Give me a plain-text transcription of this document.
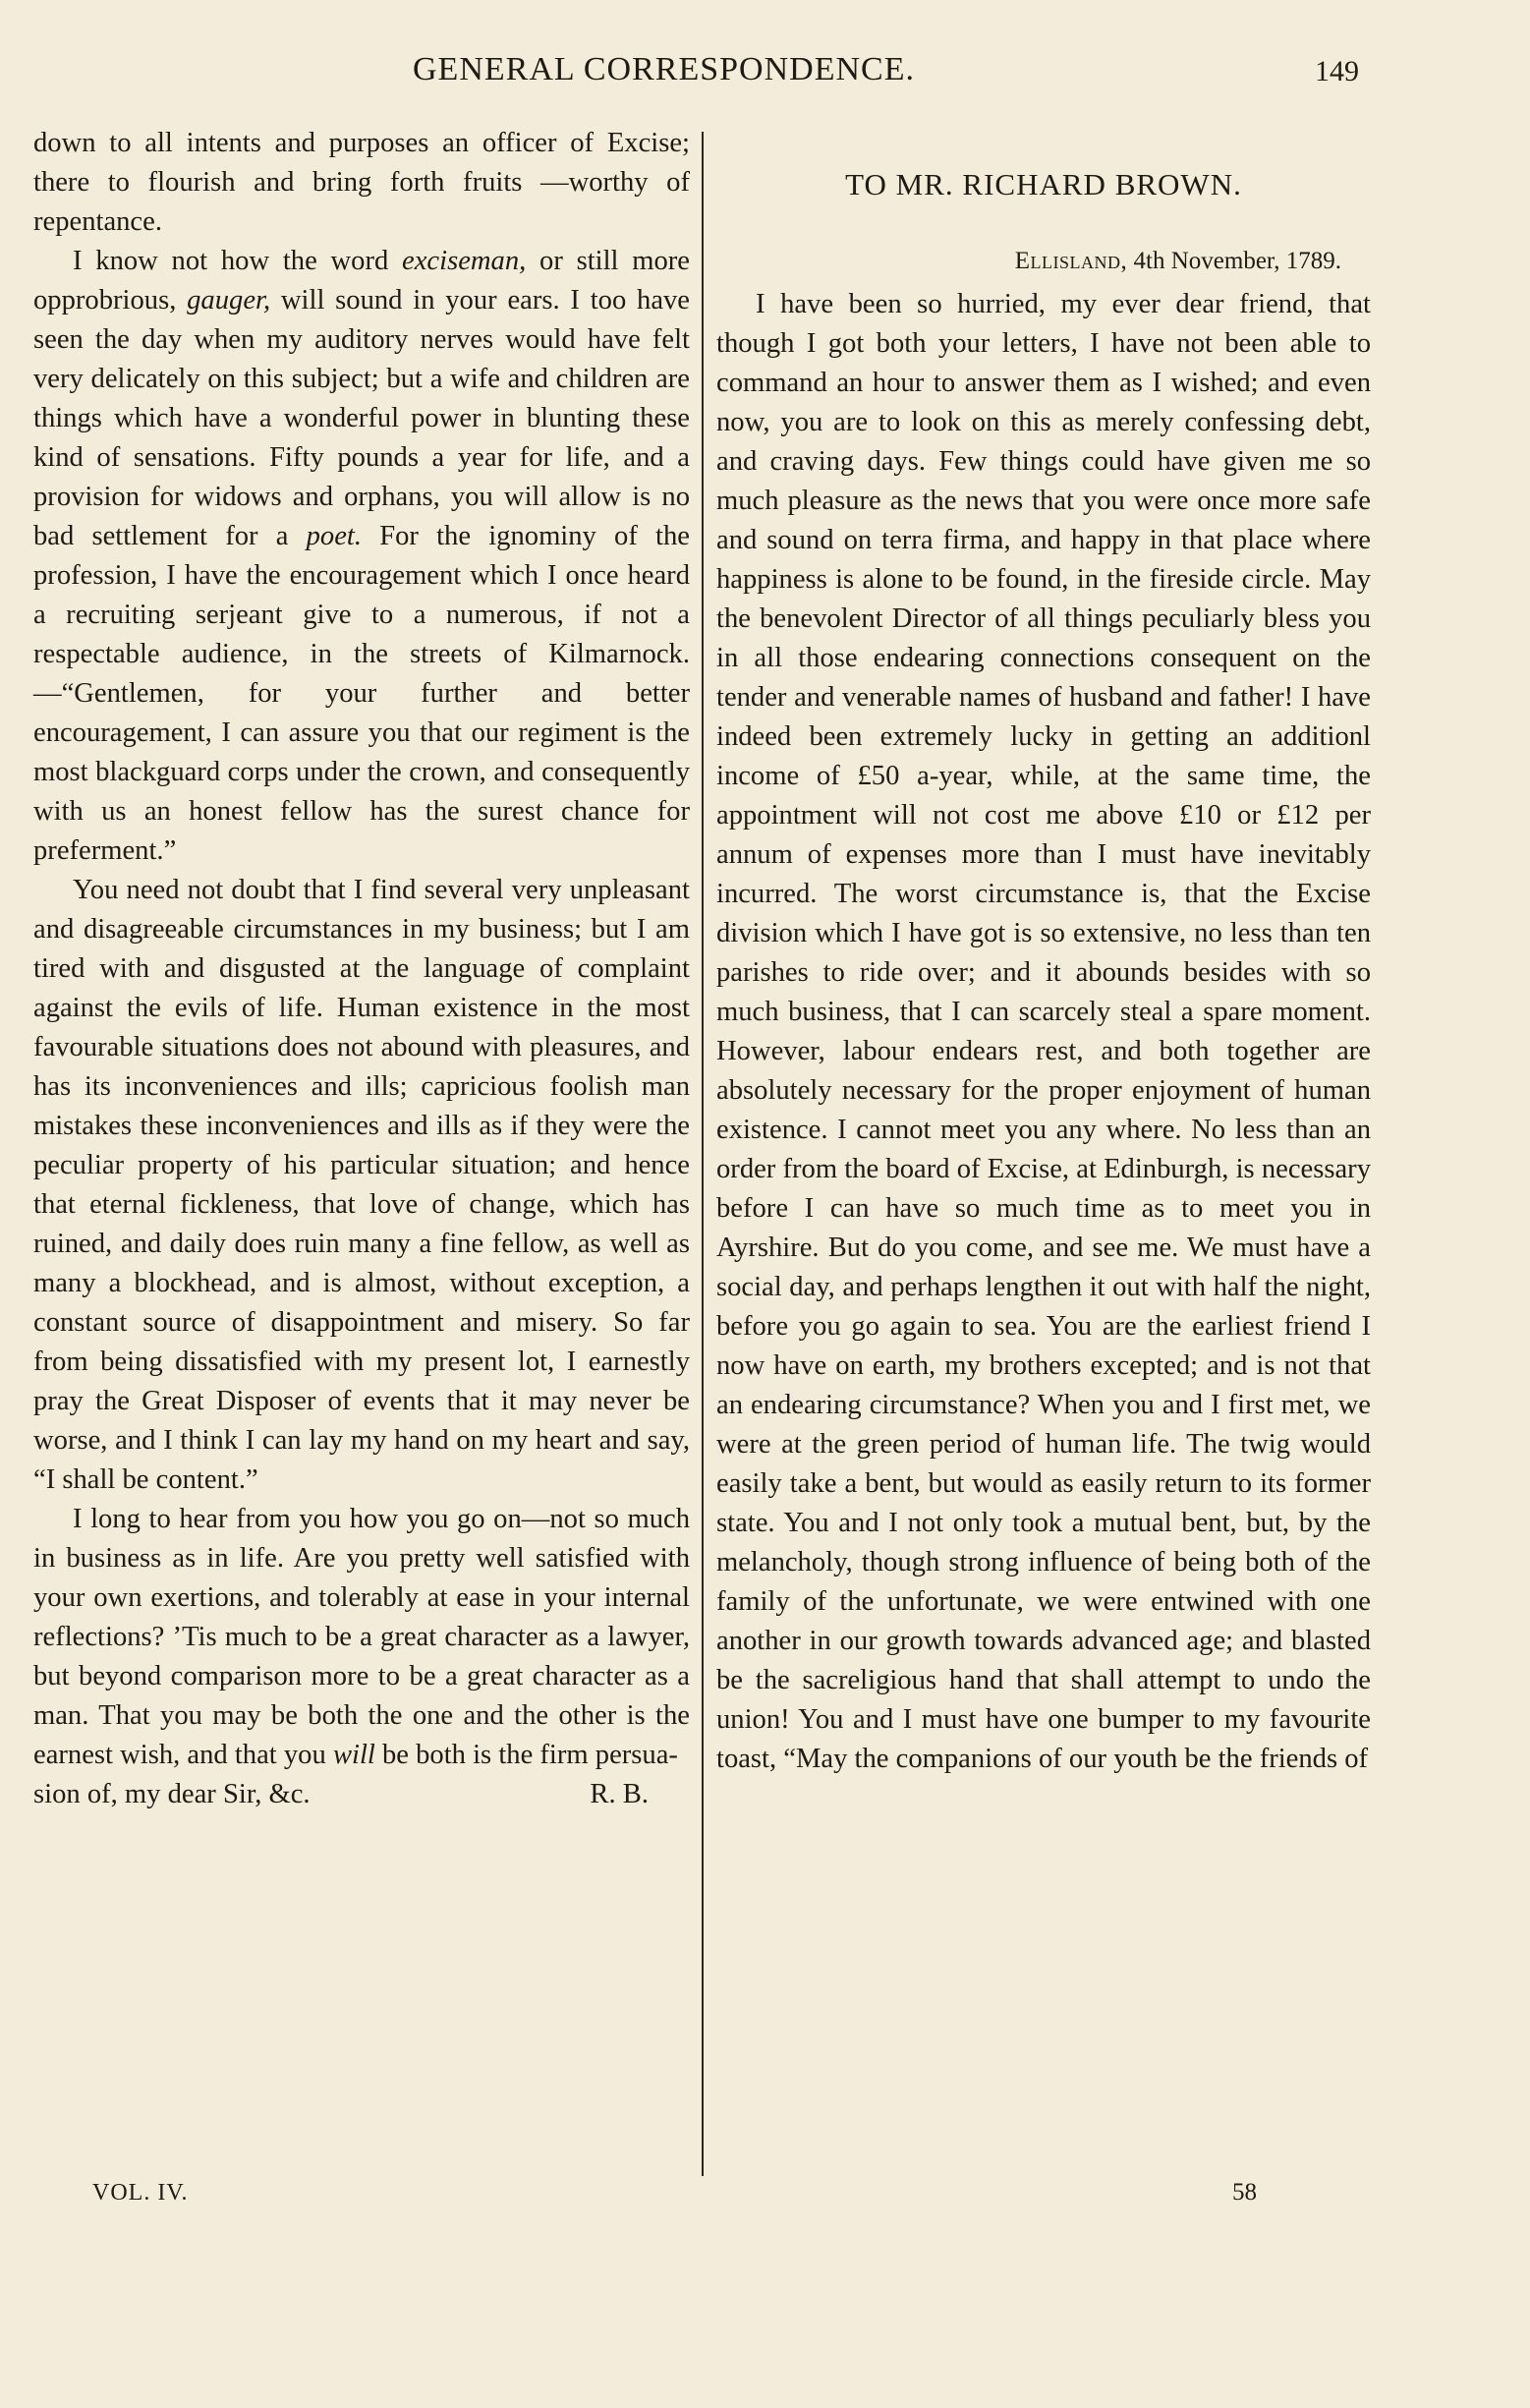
GENERAL CORRESPONDENCE.	149

down to all intents and purposes an officer of Excise; there to flourish and bring forth fruits —worthy of repentance.

I know not how the word exciseman, or still more opprobrious, gauger, will sound in your ears. I too have seen the day when my auditory nerves would have felt very delicately on this subject; but a wife and children are things which have a wonderful power in blunting these kind of sensations. Fifty pounds a year for life, and a provision for widows and orphans, you will allow is no bad settlement for a poet. For the ignominy of the profession, I have the encouragement which I once heard a recruiting serjeant give to a numerous, if not a respectable audience, in the streets of Kilmarnock.—“Gentlemen, for your further and better encouragement, I can assure you that our regiment is the most blackguard corps under the crown, and consequently with us an honest fellow has the surest chance for preferment.”

You need not doubt that I find several very unpleasant and disagreeable circumstances in my business; but I am tired with and disgusted at the language of complaint against the evils of life. Human existence in the most favourable situations does not abound with pleasures, and has its inconveniences and ills; capricious foolish man mistakes these inconveniences and ills as if they were the peculiar property of his particular situation; and hence that eternal fickleness, that love of change, which has ruined, and daily does ruin many a fine fellow, as well as many a blockhead, and is almost, without exception, a constant source of disappointment and misery. So far from being dissatisfied with my present lot, I earnestly pray the Great Disposer of events that it may never be worse, and I think I can lay my hand on my heart and say, “I shall be content.”

I long to hear from you how you go on—not so much in business as in life. Are you pretty well satisfied with your own exertions, and tolerably at ease in your internal reflections? ’Tis much to be a great character as a lawyer, but beyond comparison more to be a great character as a man. That you may be both the one and the other is the earnest wish, and that you will be both is the firm persua-

sion of, my dear Sir, &c.	R. B.

TO MR. RICHARD BROWN.

Ellisland, 4th November, 1789.

I have been so hurried, my ever dear friend, that though I got both your letters, I have not been able to command an hour to answer them as I wished; and even now, you are to look on this as merely confessing debt, and craving days. Few things could have given me so much pleasure as the news that you were once more safe and sound on terra firma, and happy in that place where happiness is alone to be found, in the fireside circle. May the benevolent Director of all things peculiarly bless you in all those endearing connections consequent on the tender and venerable names of husband and father! I have indeed been extremely lucky in getting an additionl income of £50 a-year, while, at the same time, the appointment will not cost me above £10 or £12 per annum of expenses more than I must have inevitably incurred. The worst circumstance is, that the Excise division which I have got is so extensive, no less than ten parishes to ride over; and it abounds besides with so much business, that I can scarcely steal a spare moment. However, labour endears rest, and both together are absolutely necessary for the proper enjoyment of human existence. I cannot meet you any where. No less than an order from the board of Excise, at Edinburgh, is necessary before I can have so much time as to meet you in Ayrshire. But do you come, and see me. We must have a social day, and perhaps lengthen it out with half the night, before you go again to sea. You are the earliest friend I now have on earth, my brothers excepted; and is not that an endearing circumstance? When you and I first met, we were at the green period of human life. The twig would easily take a bent, but would as easily return to its former state. You and I not only took a mutual bent, but, by the melancholy, though strong influence of being both of the family of the unfortunate, we were entwined with one another in our growth towards advanced age; and blasted be the sacreligious hand that shall attempt to undo the union! You and I must have one bumper to my favourite toast, “May the companions of our youth be the friends of

VOL. IV.	58
